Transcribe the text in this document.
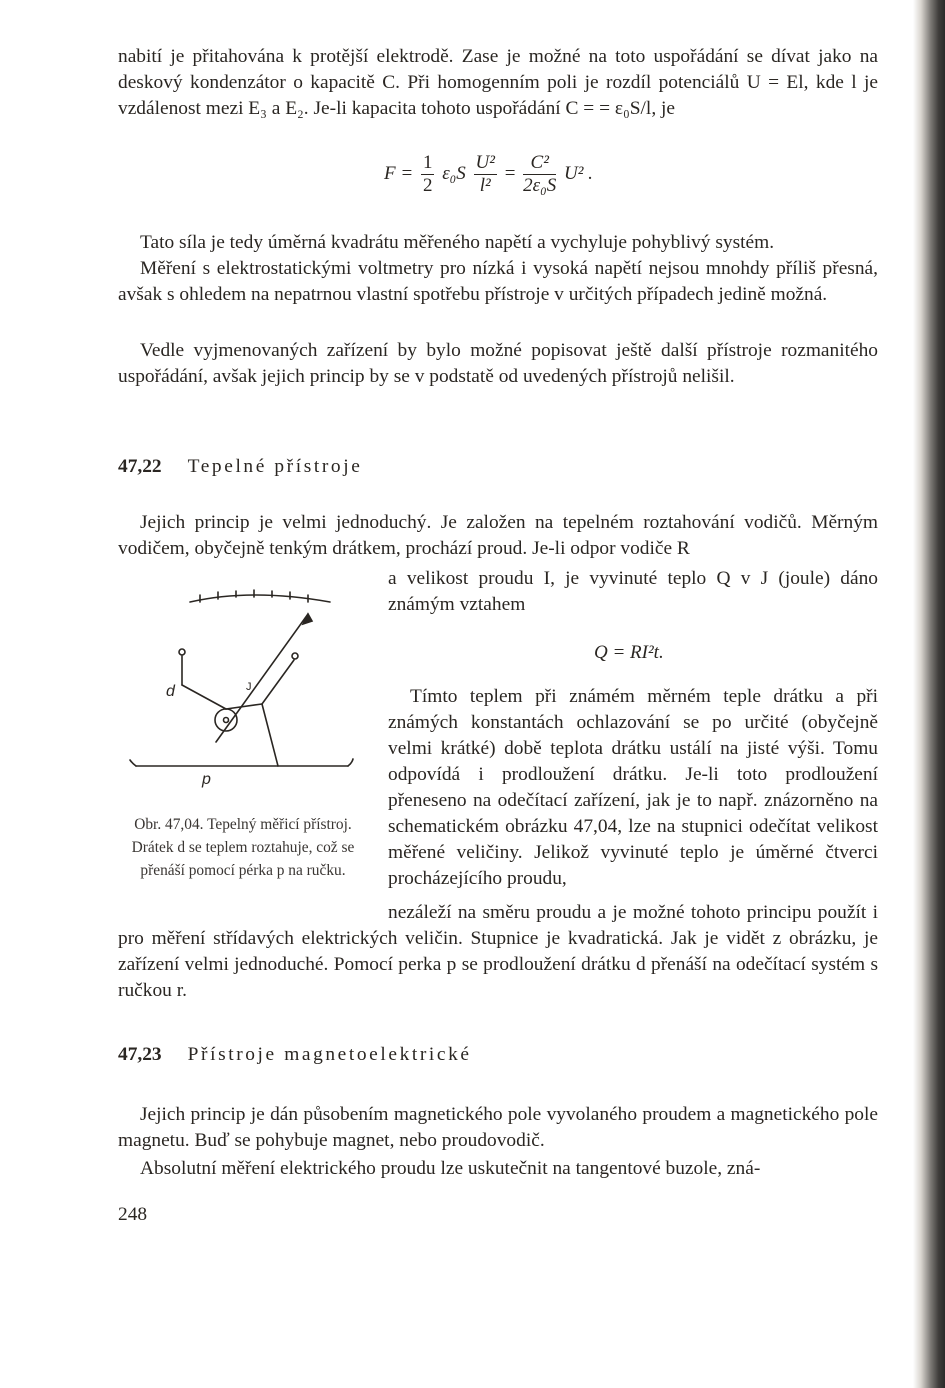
nabití je přitahována k protější elektrodě. Zase je možné na toto uspořádání se dívat jako na deskový kondenzátor o kapacitě C. Při homogenním poli je rozdíl potenciálů U = El, kde l je vzdálenost mezi E₃ a E₂. Je-li kapacita tohoto uspořádání C = = ε₀S/l, je

$F = \frac{1}{2} \varepsilon_0S \frac{\text{U²}}{\text{l²}} = \frac{\text{C²}}{\text{2ε₀S}} U^2$ .

Tato síla je tedy úměrná kvadrátu měřeného napětí a vychyluje pohyblivý systém.

Měření s elektrostatickými voltmetry pro nízká i vysoká napětí nejsou mnohdy příliš přesná, avšak s ohledem na nepatrnou vlastní spotřebu přístroje v určitých případech jedině možná.

Vedle vyjmenovaných zařízení by bylo možné popisovat ještě další přístroje rozmanitého uspořádání, avšak jejich princip by se v podstatě od uvedených přístrojů nelišil.

47,22 Tepelné přístroje

Jejich princip je velmi jednoduchý. Je založen na tepelném roztahování vodičů. Měrným vodičem, obyčejně tenkým drátkem, prochází proud. Je-li odpor vodiče R

a velikost proudu I, je vyvinuté teplo Q v J (joule) dáno známým vztahem

Q = RI²t.
d
p
J

Obr. 47,04. Tepelný měřicí přístroj. Drátek d se teplem roztahuje, což se přenáší pomocí pérka p na ručku.

Tímto teplem při známém měrném teple drátku a při známých konstantách ochlazování se po určité (obyčejně velmi krátké) době teplota drátku ustálí na jisté výši. Tomu odpovídá i prodloužení drátku. Je-li toto prodloužení přeneseno na odečítací zařízení, jak je to např. znázorněno na schematickém obrázku 47,04, lze na stupnici odečítat velikost měřené veličiny. Jelikož vyvinuté teplo je úměrné čtverci procházejícího proudu,

nezáleží na směru proudu a je možné tohoto principu použít i pro měření střídavých elektrických veličin. Stupnice je kvadratická. Jak je vidět z obrázku, je zařízení velmi jednoduché. Pomocí perka p se prodloužení drátku d přenáší na odečítací systém s ručkou r.

47,23 Přístroje magnetoelektrické

Jejich princip je dán působením magnetického pole vyvolaného proudem a magnetického pole magnetu. Buď se pohybuje magnet, nebo proudovodič.

Absolutní měření elektrického proudu lze uskutečnit na tangentové buzole, zná-

248
